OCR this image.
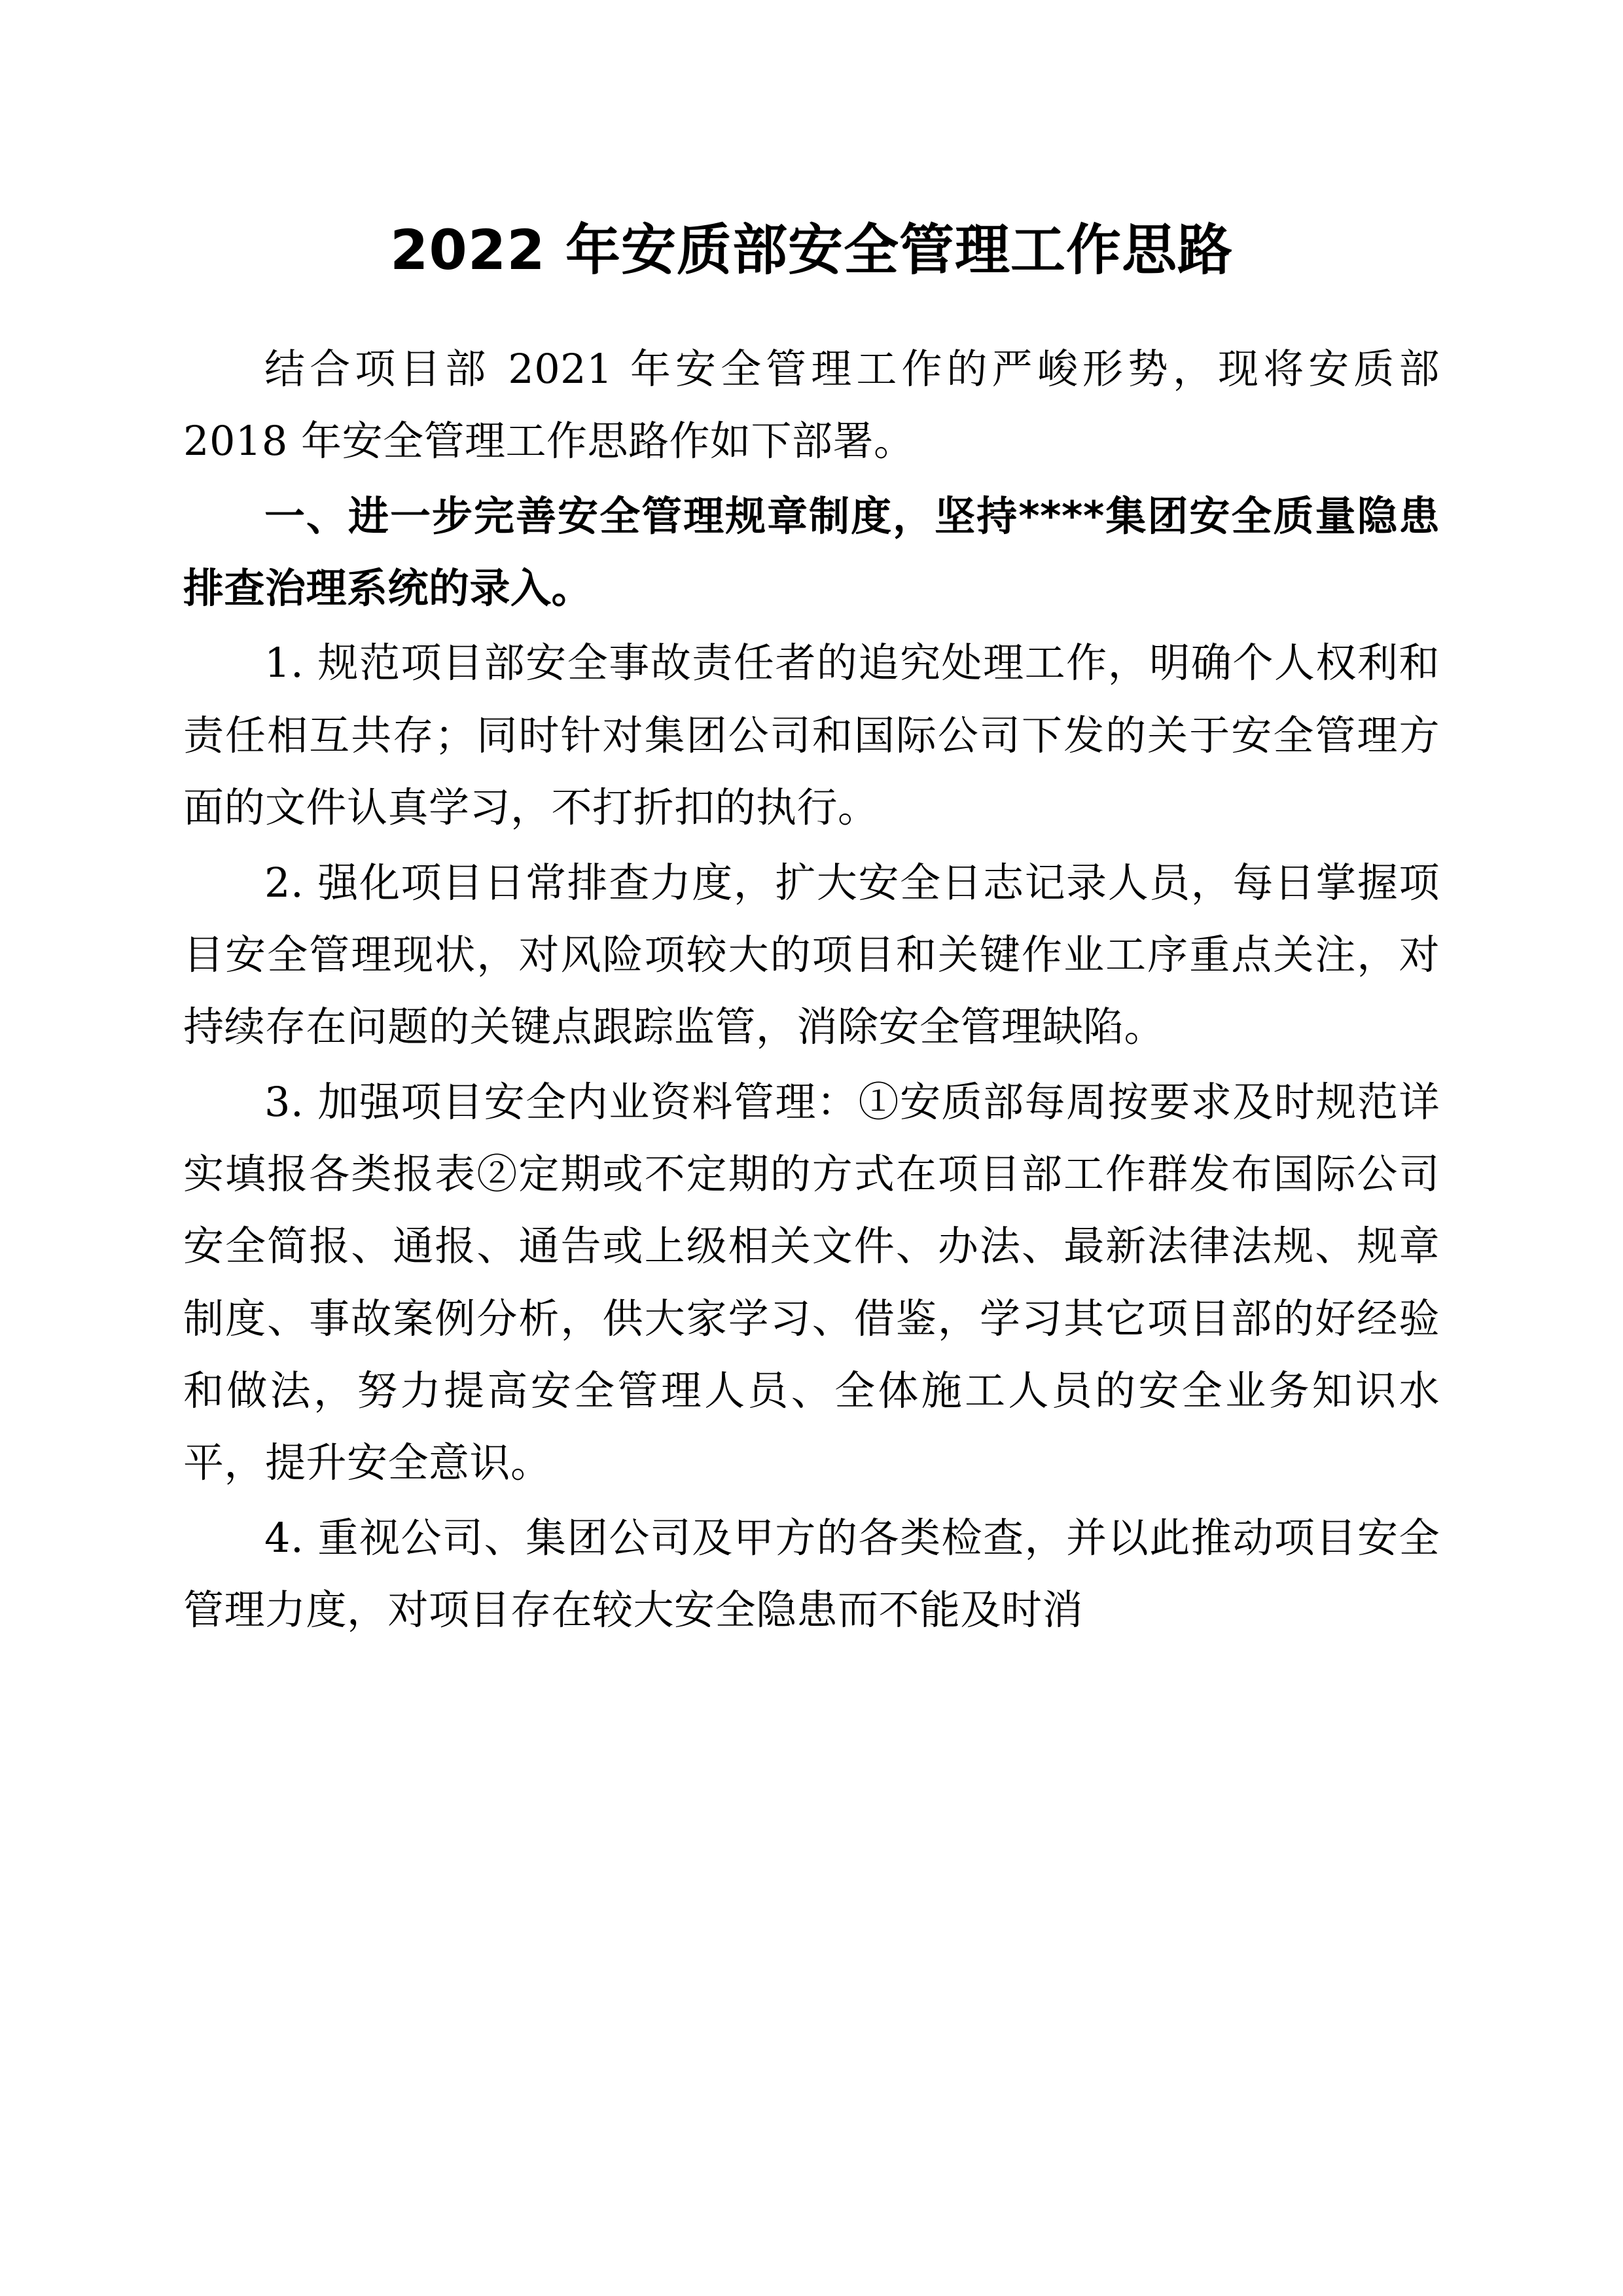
2022 年安质部安全管理工作思路

结合项目部 2021 年安全管理工作的严峻形势，现将安质部 2018 年安全管理工作思路作如下部署。

一、进一步完善安全管理规章制度，坚持****集团安全质量隐患排查治理系统的录入。

1. 规范项目部安全事故责任者的追究处理工作，明确个人权利和责任相互共存；同时针对集团公司和国际公司下发的关于安全管理方面的文件认真学习，不打折扣的执行。

2. 强化项目日常排查力度，扩大安全日志记录人员，每日掌握项目安全管理现状，对风险项较大的项目和关键作业工序重点关注，对持续存在问题的关键点跟踪监管，消除安全管理缺陷。

3. 加强项目安全内业资料管理：①安质部每周按要求及时规范详实填报各类报表②定期或不定期的方式在项目部工作群发布国际公司安全简报、通报、通告或上级相关文件、办法、最新法律法规、规章制度、事故案例分析，供大家学习、借鉴，学习其它项目部的好经验和做法，努力提高安全管理人员、全体施工人员的安全业务知识水平，提升安全意识。

4. 重视公司、集团公司及甲方的各类检查，并以此推动项目安全管理力度，对项目存在较大安全隐患而不能及时消
